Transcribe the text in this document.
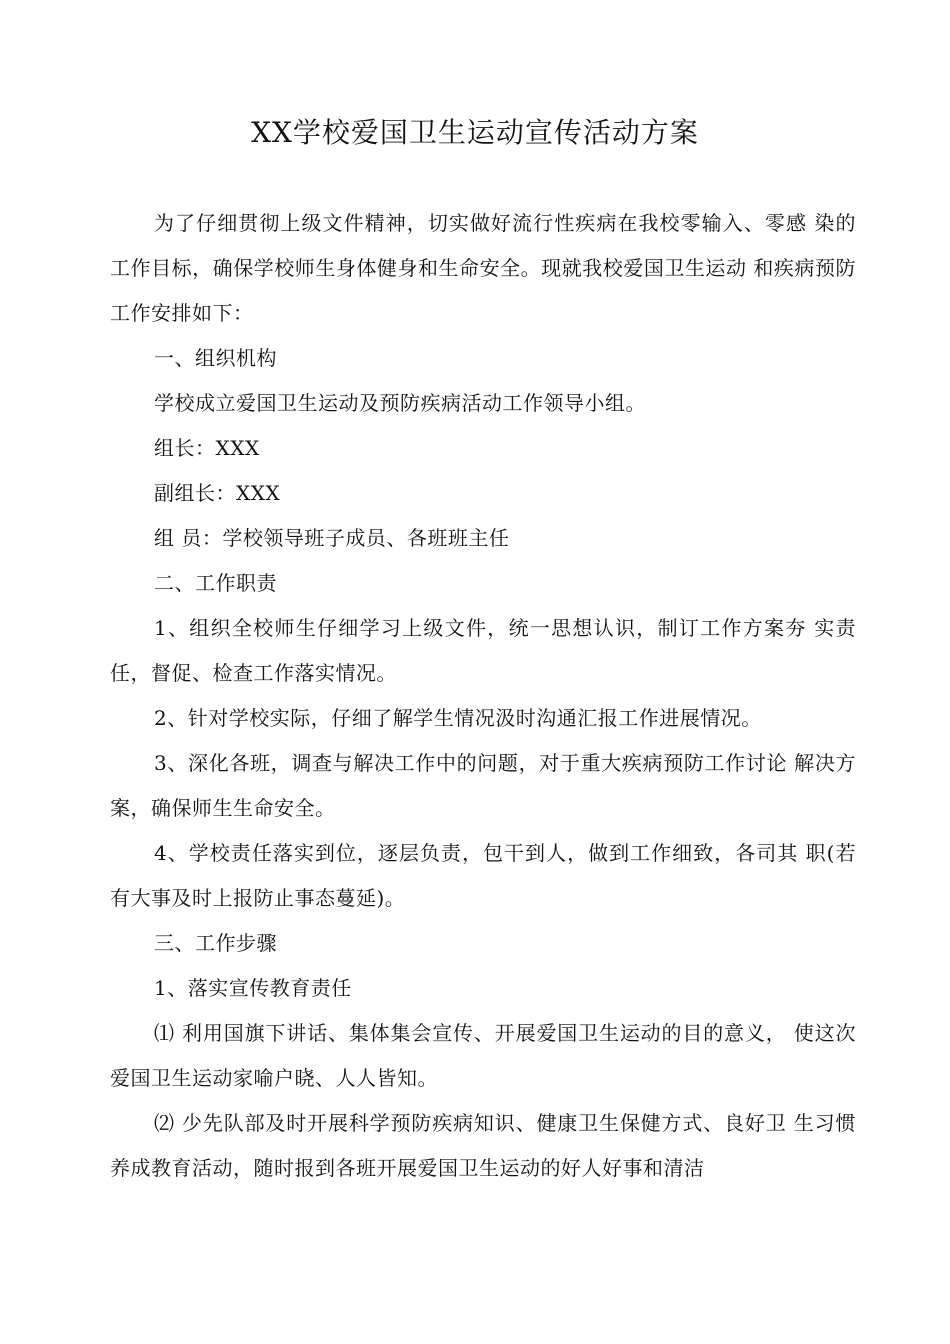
XX学校爱国卫生运动宣传活动方案

为了仔细贯彻上级文件精神，切实做好流行性疾病在我校零输入、零感 染的工作目标，确保学校师生身体健身和生命安全。现就我校爱国卫生运动 和疾病预防工作安排如下：

一、组织机构

学校成立爱国卫生运动及预防疾病活动工作领导小组。

组长：XXX

副组长：XXX

组 员：学校领导班子成员、各班班主任

二、工作职责

1、组织全校师生仔细学习上级文件，统一思想认识，制订工作方案夯 实责任，督促、检查工作落实情况。

2、针对学校实际，仔细了解学生情况汲时沟通汇报工作进展情况。

3、深化各班，调查与解决工作中的问题，对于重大疾病预防工作讨论 解决方案，确保师生生命安全。

4、学校责任落实到位，逐层负责，包干到人，做到工作细致，各司其 职(若有大事及时上报防止事态蔓延)。

三、工作步骤

1、落实宣传教育责任

⑴ 利用国旗下讲话、集体集会宣传、开展爱国卫生运动的目的意义， 使这次爱国卫生运动家喻户晓、人人皆知。

⑵ 少先队部及时开展科学预防疾病知识、健康卫生保健方式、良好卫 生习惯养成教育活动，随时报到各班开展爱国卫生运动的好人好事和清洁
